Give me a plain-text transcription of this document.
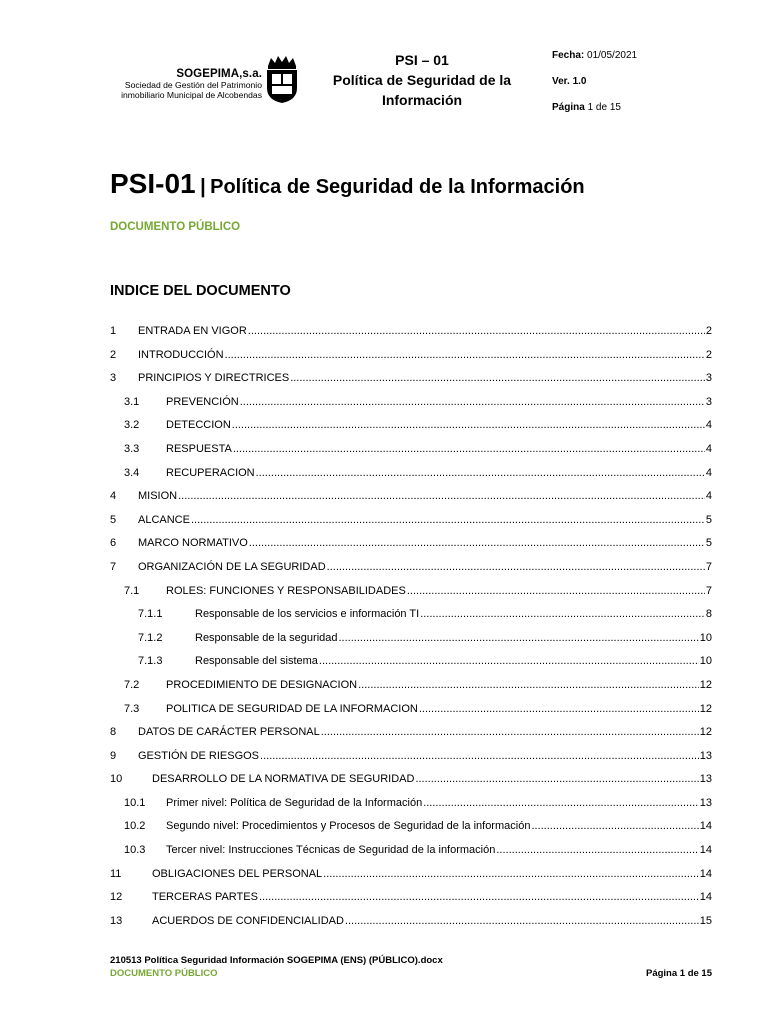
SOGEPIMA,s.a.
Sociedad de Gestión del Patrimonio
inmobiliario Municipal de Alcobendas
PSI – 01
Política de Seguridad de la
Información
Fecha: 01/05/2021
Ver. 1.0
Página 1 de 15
PSI-01 | Política de Seguridad de la Información
DOCUMENTO PÚBLICO
INDICE DEL DOCUMENTO
1 ENTRADA EN VIGOR .....	2
2 INTRODUCCIÓN .....	2
3 PRINCIPIOS Y DIRECTRICES .....	3
3.1 PREVENCIÓN .....	3
3.2 DETECCION .....	4
3.3 RESPUESTA .....	4
3.4 RECUPERACION .....	4
4 MISION .....	4
5 ALCANCE .....	5
6 MARCO NORMATIVO .....	5
7 ORGANIZACIÓN DE LA SEGURIDAD .....	7
7.1 ROLES: FUNCIONES Y RESPONSABILIDADES .....	7
7.1.1	Responsable de los servicios e información TI .....	8
7.1.2	Responsable de la seguridad .....	10
7.1.3	Responsable del sistema .....	10
7.2 PROCEDIMIENTO DE DESIGNACION .....	12
7.3 POLITICA DE SEGURIDAD DE LA INFORMACION .....	12
8 DATOS DE CARÁCTER PERSONAL .....	12
9 GESTIÓN DE RIESGOS .....	13
10	DESARROLLO DE LA NORMATIVA DE SEGURIDAD .....	13
10.1 Primer nivel: Política de Seguridad de la Información .....	13
10.2 Segundo nivel: Procedimientos y Procesos de Seguridad de la información .....	14
10.3 Tercer nivel: Instrucciones Técnicas de Seguridad de la información .....	14
11	OBLIGACIONES DEL PERSONAL .....	14
12	TERCERAS PARTES .....	14
13	ACUERDOS DE CONFIDENCIALIDAD .....	15
210513 Política Seguridad Información SOGEPIMA (ENS) (PÚBLICO).docx
DOCUMENTO PÚBLICO	Página 1 de 15
